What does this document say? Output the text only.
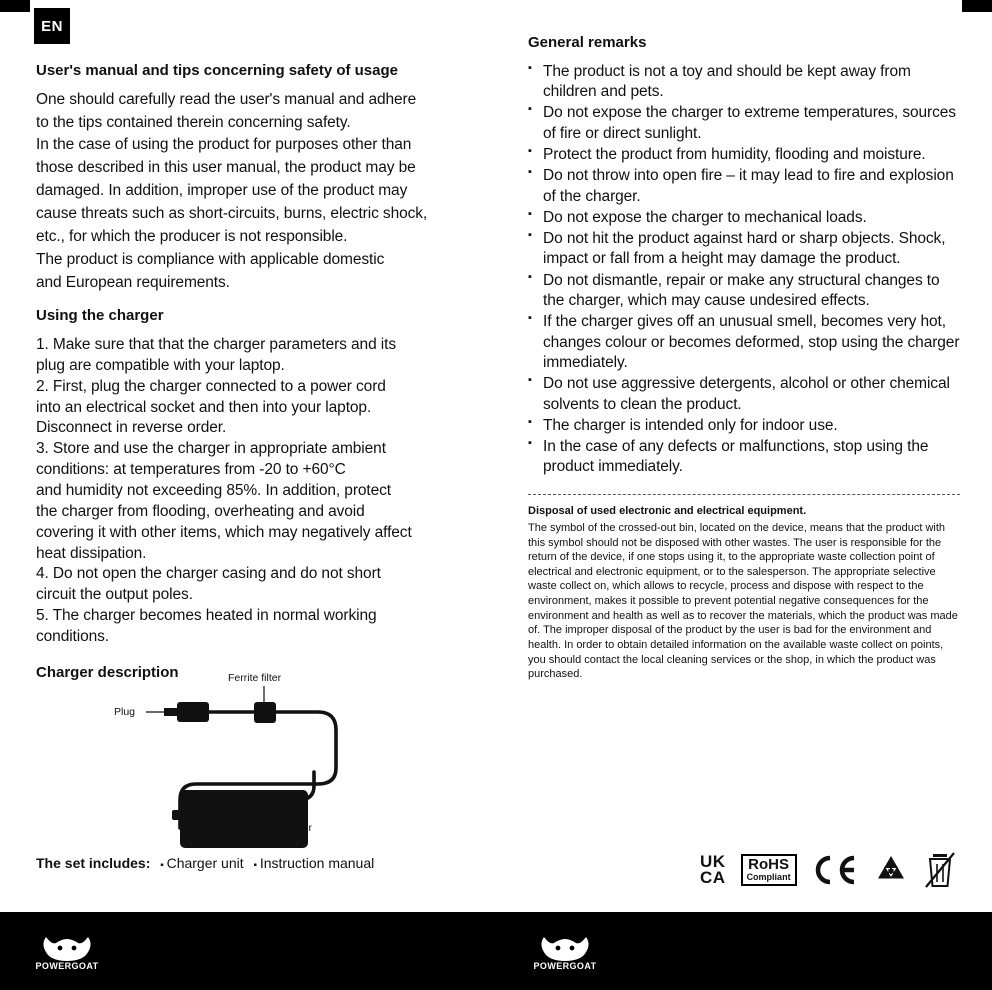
EN
User's manual and tips concerning safety of usage

One should carefully read the user's manual and adhere

to the tips contained therein concerning safety.

In the case of using the product for purposes other than

those described in this user manual, the product may be

damaged. In addition, improper use of the product may

cause threats such as short-circuits, burns, electric shock,

etc., for which the producer is not responsible.

The product is compliance with applicable domestic

and European requirements.

Using the charger
1. Make sure that that the charger parameters and its
plug are compatible with your laptop.
2. First, plug the charger connected to a power cord
into an electrical socket and then into your laptop.
Disconnect in reverse order.
3. Store and use the charger in appropriate ambient
conditions: at temperatures from -20 to +60°C
and humidity not exceeding 85%. In addition, protect
the charger from flooding, overheating and avoid
covering it with other items, which may negatively affect
heat dissipation.
4. Do not open the charger casing and do not short
circuit the output poles.
5. The charger becomes heated in normal working
conditions.
Charger description	Ferrite filter
Plug
Charger
The set includes: ▪ Charger unit ▪ Instruction manual
General remarks
▪ The product is not a toy and should be kept away from children and pets.
▪ Do not expose the charger to extreme temperatures, sources of fire or direct sunlight.
▪ Protect the product from humidity, flooding and moisture.
▪ Do not throw into open fire – it may lead to fire and explosion of the charger.
▪ Do not expose the charger to mechanical loads.
▪ Do not hit the product against hard or sharp objects. Shock, impact or fall from a height may damage the product.
▪ Do not dismantle, repair or make any structural changes to the charger, which may cause undesired effects.
▪ If the charger gives off an unusual smell, becomes very hot, changes colour or becomes deformed, stop using the charger immediately.
▪ Do not use aggressive detergents, alcohol or other chemical solvents to clean the product.
▪ The charger is intended only for indoor use.
▪ In the case of any defects or malfunctions, stop using the product immediately.

Disposal of used electronic and electrical equipment.

The symbol of the crossed-out bin, located on the device, means that the product with this symbol should not be disposed with other wastes. The user is responsible for the return of the device, if one stops using it, to the appropriate waste collection point of electrical and electronic equipment, or to the salesperson. The appropriate selective waste collect on, which allows to recycle, process and dispose with respect to the environment, makes it possible to prevent potential negative consequences for the environment and health as well as to recover the materials, which the product was made of. The improper disposal of the product by the user is bad for the environment and health. In order to obtain detailed information on the available waste collect on points, you should contact the local cleaning services or the shop, in which the product was purchased.

UK
CA
RoHS
Compliant
POWERGOAT	POWERGOAT
